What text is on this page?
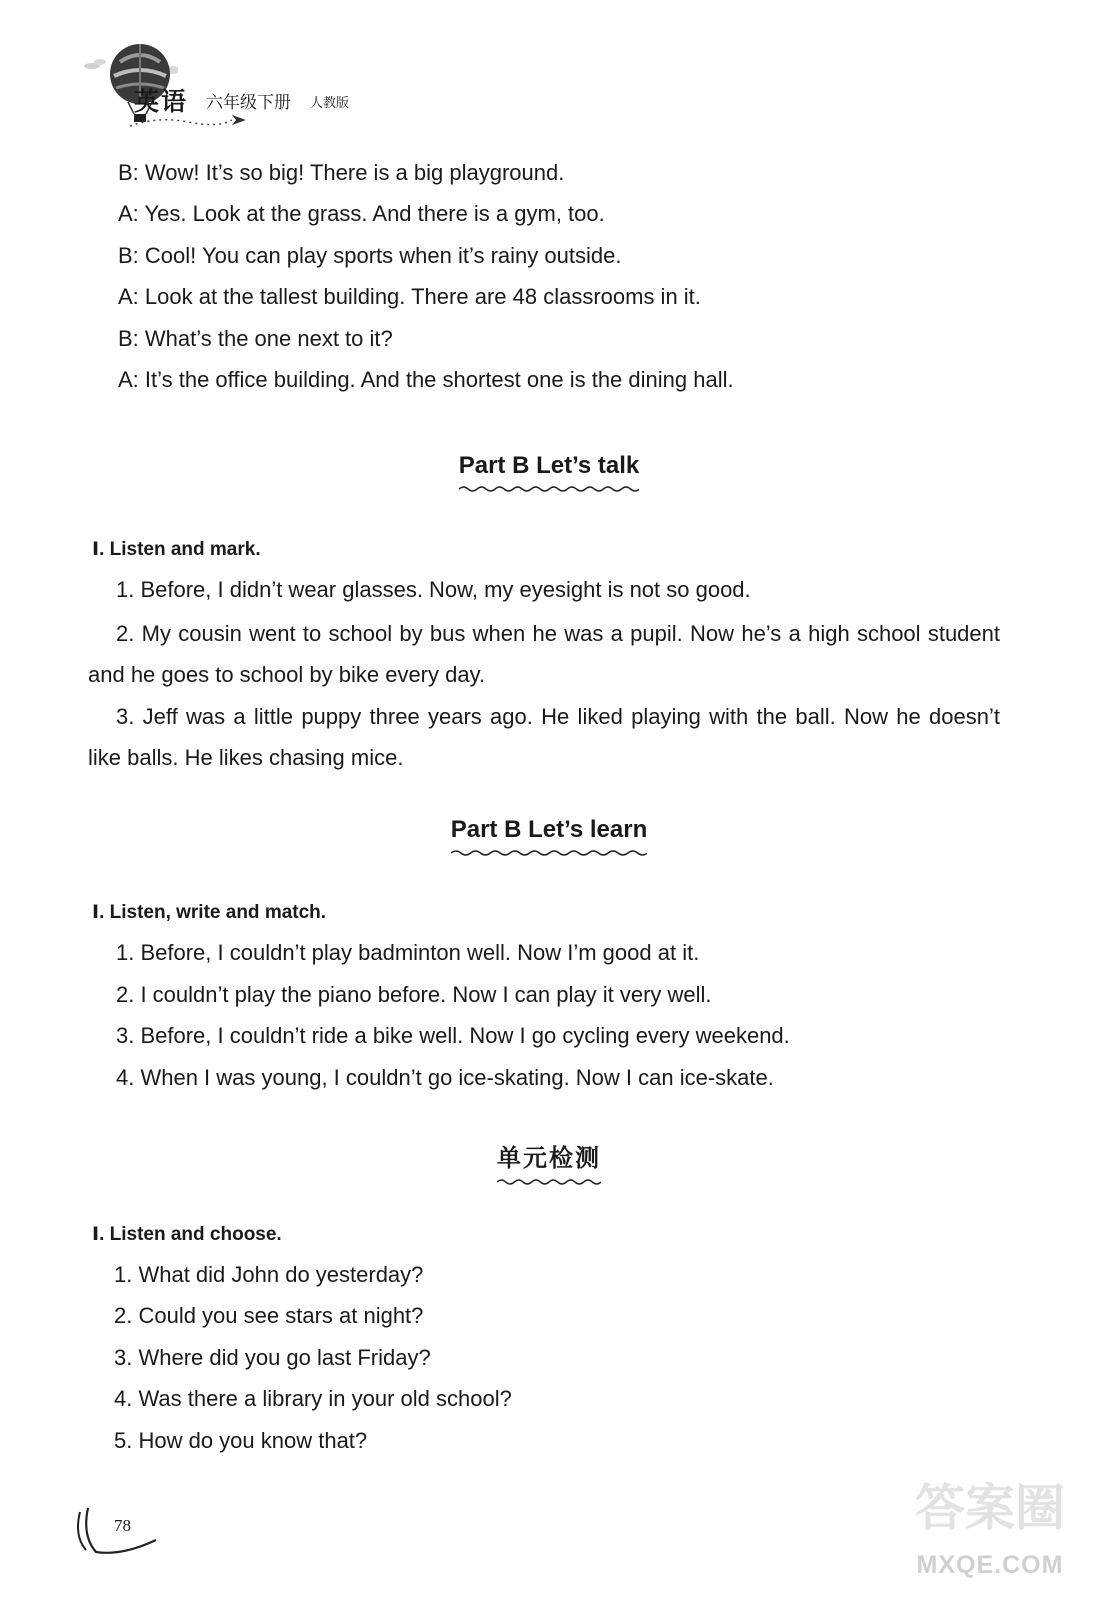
英语 六年级下册 人教版
B: Wow! It’s so big! There is a big playground.
A: Yes. Look at the grass. And there is a gym, too.
B: Cool! You can play sports when it’s rainy outside.
A: Look at the tallest building. There are 48 classrooms in it.
B: What’s the one next to it?
A: It’s the office building. And the shortest one is the dining hall.
Part B Let’s talk
Ⅰ. Listen and mark.
1. Before, I didn’t wear glasses. Now, my eyesight is not so good.
2. My cousin went to school by bus when he was a pupil. Now he’s a high school student and he goes to school by bike every day.
3. Jeff was a little puppy three years ago. He liked playing with the ball. Now he doesn’t like balls. He likes chasing mice.
Part B Let’s learn
Ⅰ. Listen, write and match.
1. Before, I couldn’t play badminton well. Now I’m good at it.
2. I couldn’t play the piano before. Now I can play it very well.
3. Before, I couldn’t ride a bike well. Now I go cycling every weekend.
4. When I was young, I couldn’t go ice-skating. Now I can ice-skate.
单元检测
Ⅰ. Listen and choose.
1. What did John do yesterday?
2. Could you see stars at night?
3. Where did you go last Friday?
4. Was there a library in your old school?
5. How do you know that?
78	答案圈
MXQE.COM
